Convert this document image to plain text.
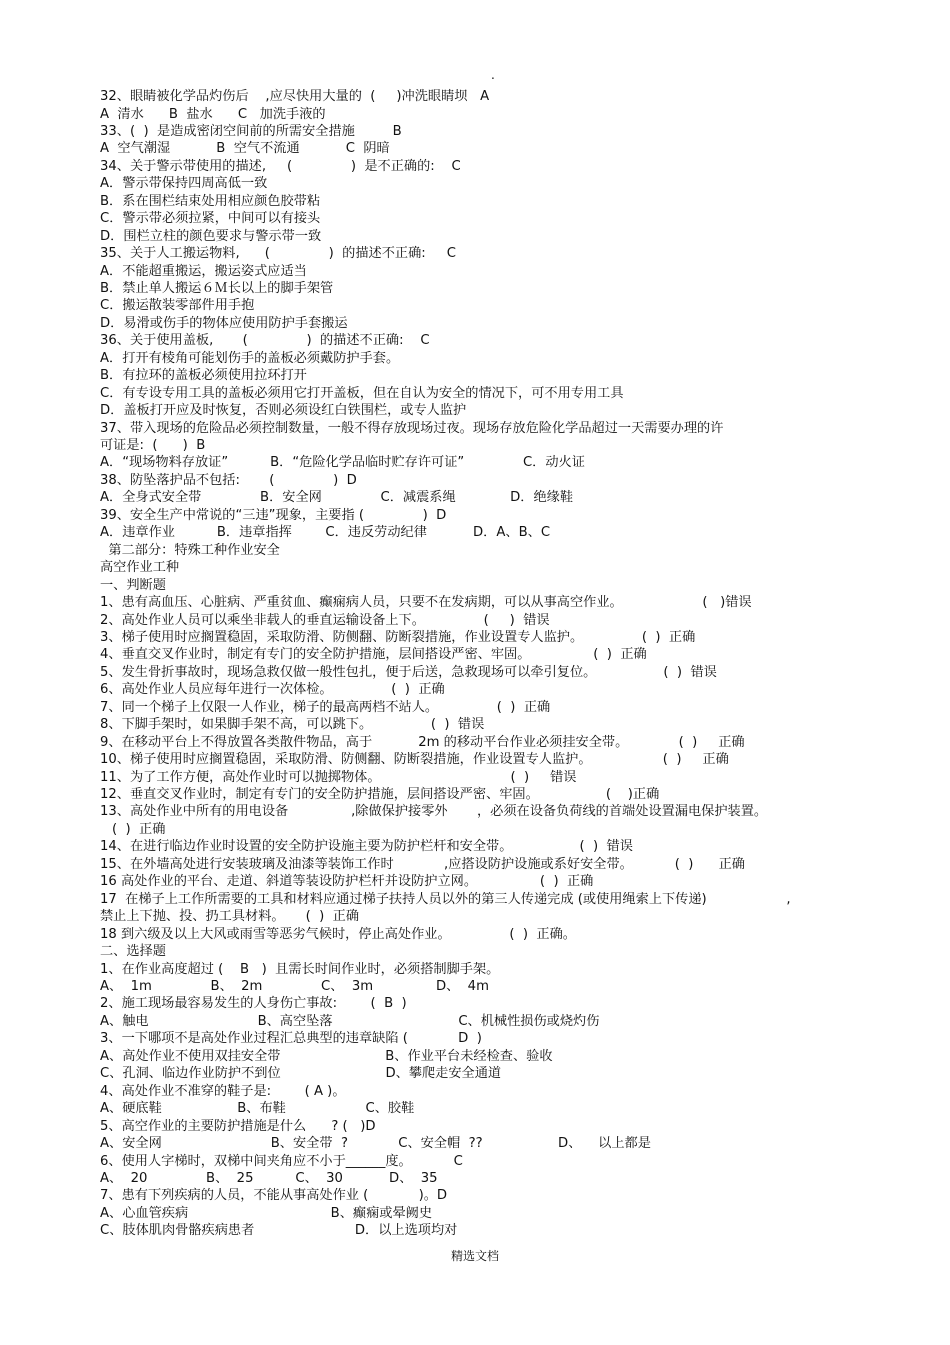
.
32、眼睛被化学品灼伤后    ,应尽快用大量的  (     )冲洗眼睛坝   A
A  清水      B  盐水      C   加洗手液的
33、(  )  是造成密闭空间前的所需安全措施         B
A  空气潮湿           B  空气不流通           C  阴暗
34、关于警示带使用的描述,     (              )  是不正确的:    C
A．警示带保持四周高低一致
B．系在围栏结束处用相应颜色胶带粘
C．警示带必须拉紧，中间可以有接头
D．围栏立柱的颜色要求与警示带一致
35、关于人工搬运物料,      (              )  的描述不正确:     C
A．不能超重搬运，搬运姿式应适当
B．禁止单人搬运６Ｍ长以上的脚手架管
C．搬运散装零部件用手抱
D．易滑或伤手的物体应使用防护手套搬运
36、关于使用盖板,       (              )  的描述不正确:    C
A．打开有棱角可能划伤手的盖板必须戴防护手套。
B．有拉环的盖板必须使用拉环打开
C．有专设专用工具的盖板必须用它打开盖板，但在自认为安全的情况下，可不用专用工具
D．盖板打开应及时恢复，否则必须设红白铁围栏，或专人监护
37、带入现场的危险品必须控制数量，一般不得存放现场过夜。现场存放危险化学品超过一天需要办理的许
可证是:  (      )  B
A．“现场物料存放证”          B．“危险化学品临时贮存许可证”              C．动火证
38、防坠落护品不包括:       (              )  D
A．全身式安全带              B．安全网              C．减震系绳             D．绝缘鞋
39、安全生产中常说的“三违”现象，主要指 (              )  D
A．违章作业          B．违章指挥        C．违反劳动纪律           D．A、B、C
第二部分：特殊工种作业安全
高空作业工种
一、判断题
1、患有高血压、心脏病、严重贫血、癫痫病人员，只要不在发病期，可以从事高空作业。                   (   )错误
2、高处作业人员可以乘坐非载人的垂直运输设备上下。              (     )  错误
3、梯子使用时应搁置稳固，采取防滑、防侧翻、防断裂措施，作业设置专人监护。              (  )  正确
4、垂直交叉作业时，制定有专门的安全防护措施，层间搭设严密、牢固。               (  )  正确
5、发生骨折事故时，现场急救仅做一般性包扎，便于后送，急救现场可以牵引复位。                (  )  错误
6、高处作业人员应每年进行一次体检。              (  )  正确
7、同一个梯子上仅限一人作业，梯子的最高两档不站人。              (  )  正确
8、下脚手架时，如果脚手架不高，可以跳下。              (  )  错误
9、在移动平台上不得放置各类散件物品，高于           2m 的移动平台作业必须挂安全带。            (  )     正确
10、梯子使用时应搁置稳固，采取防滑、防侧翻、防断裂措施，作业设置专人监护。                 (  )     正确
11、为了工作方便，高处作业时可以抛掷物体。                               (  )     错误
12、垂直交叉作业时，制定有专门的安全防护措施，层间搭设严密、牢固。                (    )正确
13、高处作业中所有的用电设备               ,除做保护接零外       ，必须在设备负荷线的首端处设置漏电保护装置。
(  )  正确
14、在进行临边作业时设置的安全防护设施主要为防护栏杆和安全带。                (  )  错误
15、在外墙高处进行安装玻璃及油漆等装饰工作时            ,应搭设防护设施或系好安全带。          (  )      正确
16 高处作业的平台、走道、斜道等装设防护栏杆并设防护立网。               (  )  正确
17  在梯子上工作所需要的工具和材料应通过梯子扶持人员以外的第三人传递完成 (或使用绳索上下传递)                   ,
禁止上下抛、投、扔工具材料。     (  )  正确
18 到六级及以上大风或雨雪等恶劣气候时，停止高处作业。              (  )  正确。
二、选择题
1、在作业高度超过 (    B   )  且需长时间作业时，必须搭制脚手架。
A、  1m              B、  2m              C、  3m               D、  4m
2、施工现场最容易发生的人身伤亡事故:        (  B  )
A、触电                          B、高空坠落                              C、机械性损伤或烧灼伤
3、一下哪项不是高处作业过程汇总典型的违章缺陷 (            D  )
A、高处作业不使用双挂安全带                         B、作业平台未经检查、验收
C、孔洞、临边作业防护不到位                         D、攀爬走安全通道
4、高处作业不准穿的鞋子是:        ( A )。
A、硬底鞋                  B、布鞋                   C、胶鞋
5、高空作业的主要防护措施是什么      ? (   )D
A、安全网                          B、安全带  ?            C、安全帽  ??                  D、    以上都是
6、使用人字梯时，双梯中间夹角应不小于______度。          C
A、  20              B、  25          C、  30           D、  35
7、患有下列疾病的人员，不能从事高处作业 (            )。D
A、心血管疾病                                  B、癫痫或晕阙史
C、肢体肌肉骨骼疾病患者                        D．以上选项均对
精选文档
